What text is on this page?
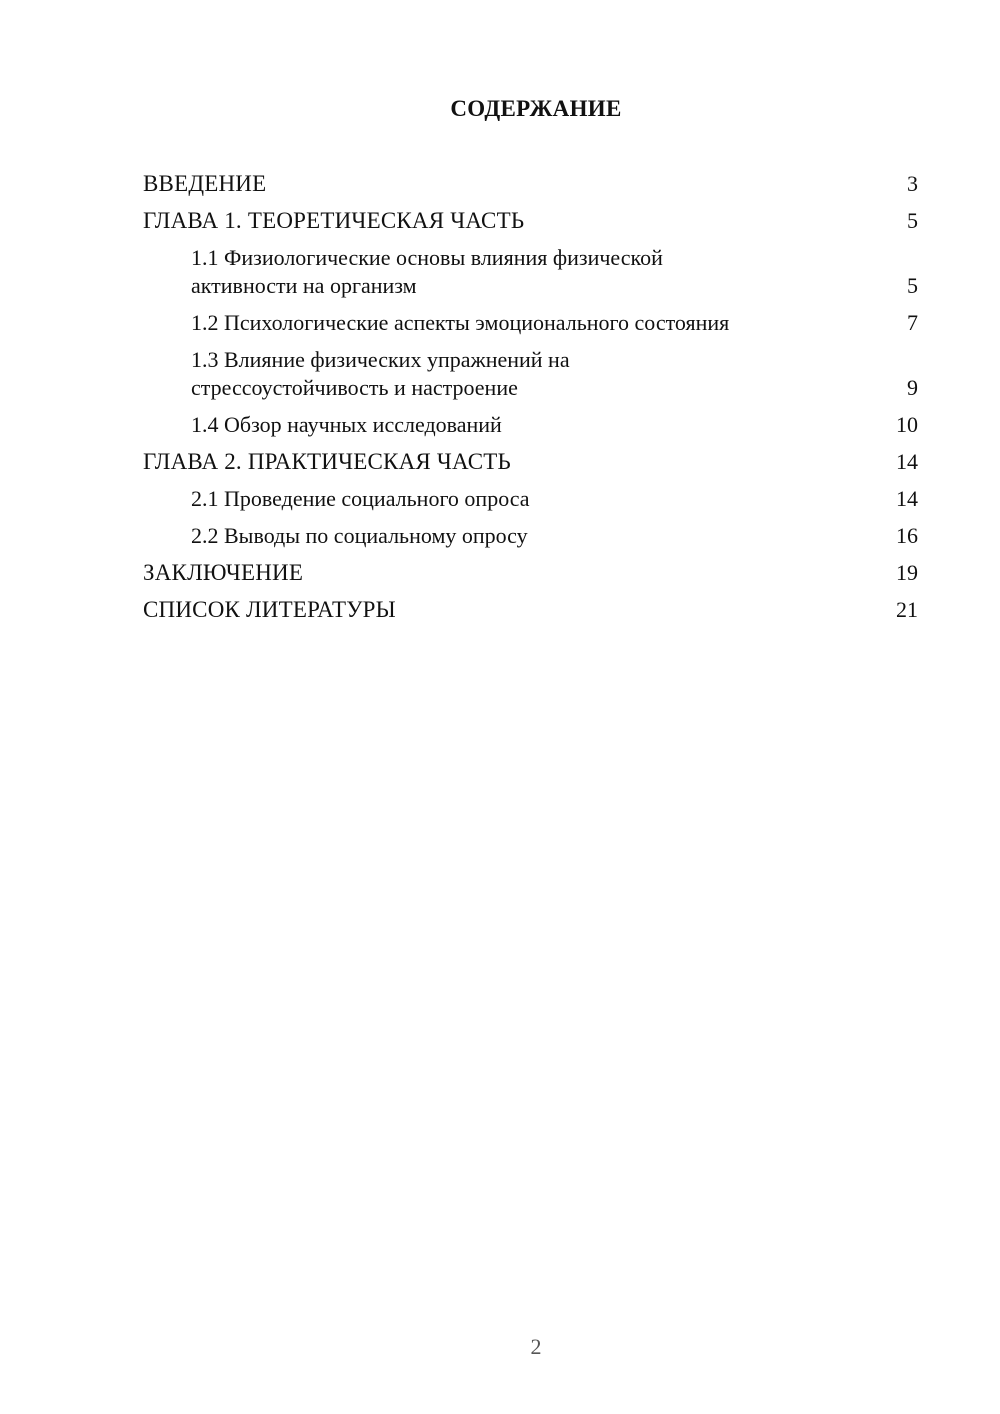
СОДЕРЖАНИЕ
ВВЕДЕНИЕ	3
ГЛАВА 1. ТЕОРЕТИЧЕСКАЯ ЧАСТЬ	5
1.1 Физиологические основы влияния физической
активности на организм	5
1.2 Психологические аспекты эмоционального состояния	7
1.3 Влияние физических упражнений на
стрессоустойчивость и настроение	9
1.4 Обзор научных исследований	10
ГЛАВА 2. ПРАКТИЧЕСКАЯ ЧАСТЬ	14
2.1 Проведение социального опроса	14
2.2 Выводы по социальному опросу	16
ЗАКЛЮЧЕНИЕ	19
СПИСОК ЛИТЕРАТУРЫ	21
2
